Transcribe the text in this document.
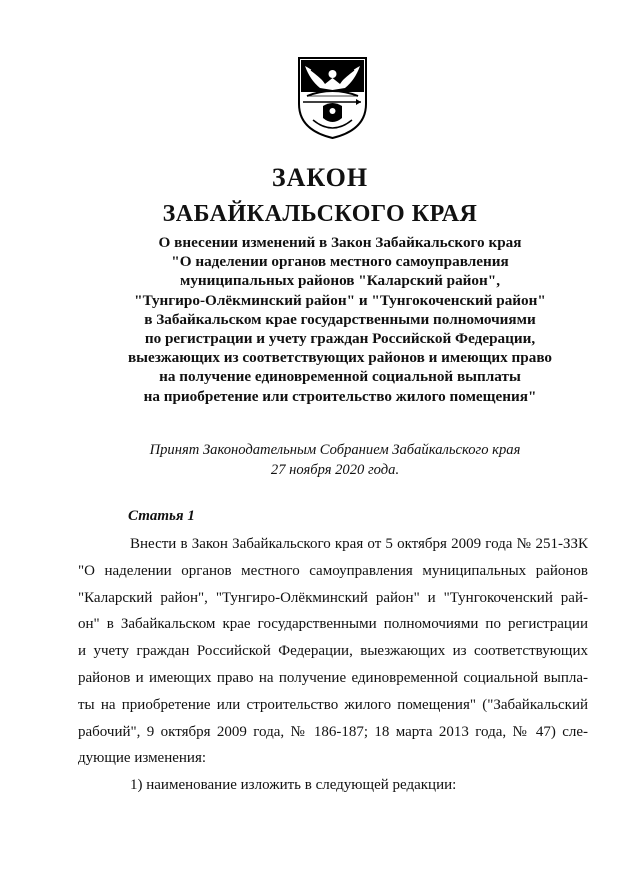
ЗАКОН
ЗАБАЙКАЛЬСКОГО КРАЯ
О внесении изменений в Закон Забайкальского края
"О наделении органов местного самоуправления
муниципальных районов "Каларский район",
"Тунгиро-Олёкминский район" и "Тунгокоченский район"
в Забайкальском крае государственными полномочиями
по регистрации и учету граждан Российской Федерации,
выезжающих из соответствующих районов и имеющих право
на получение единовременной социальной выплаты
на приобретение или строительство жилого помещения"
Принят Законодательным Собранием Забайкальского края
27 ноября 2020 года.
Статья 1
Внести в Закон Забайкальского края от 5 октября 2009 года № 251-ЗЗК
"О наделении органов местного самоуправления муниципальных районов
"Каларский район", "Тунгиро-Олёкминский район" и "Тунгокоченский рай-
он" в Забайкальском крае государственными полномочиями по регистрации
и учету граждан Российской Федерации, выезжающих из соответствующих
районов и имеющих право на получение единовременной социальной выпла-
ты на приобретение или строительство жилого помещения" ("Забайкальский
рабочий", 9 октября 2009 года, № 186-187; 18 марта 2013 года, № 47) сле-
дующие изменения:
1) наименование изложить в следующей редакции:
